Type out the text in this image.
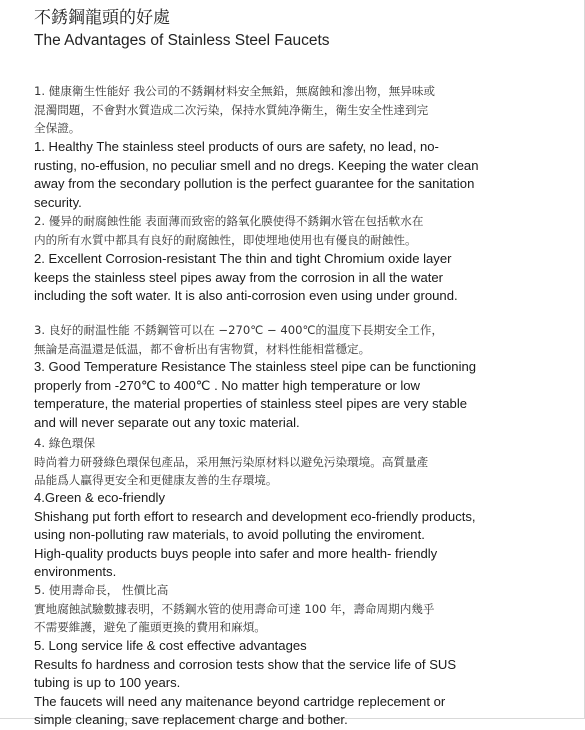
不銹鋼龍頭的好處
The Advantages of Stainless Steel Faucets
1. 健康衛生性能好 我公司的不銹鋼材料安全無鉛，無腐蝕和滲出物，無异味或
混濁問題，不會對水質造成二次污染，保持水質純净衛生，衛生安全性達到完
全保證。
1. Healthy The stainless steel products of ours are safety, no lead, no-
rusting, no-effusion, no peculiar smell and no dregs. Keeping the water clean
away from the secondary pollution is the perfect guarantee for the sanitation
security.
2. 優异的耐腐蝕性能 表面薄而致密的鉻氧化膜使得不銹鋼水管在包括軟水在
内的所有水質中都具有良好的耐腐蝕性，即使埋地使用也有優良的耐蝕性。
2. Excellent Corrosion-resistant The thin and tight Chromium oxide layer
keeps the stainless steel pipes away from the corrosion in all the water
including the soft water. It is also anti-corrosion even using under ground.
3. 良好的耐温性能 不銹鋼管可以在 −270℃ − 400℃的温度下長期安全工作，
無論是高温還是低温，都不會析出有害物質，材料性能相當穩定。
3. Good Temperature Resistance The stainless steel pipe can be functioning
properly from -270℃ to 400℃ . No matter high temperature or low
temperature, the material properties of stainless steel pipes are very stable
and will never separate out any toxic material.
4. 綠色環保
時尚着力研發綠色環保包產品，采用無污染原材料以避免污染環境。高質量產
品能爲人贏得更安全和更健康友善的生存環境。
4.Green & eco-friendly
Shishang put forth effort to research and development eco-friendly products,
using non-polluting raw materials, to avoid polluting the enviroment.
High-quality products buys people into safer and more health- friendly
environments.
5. 使用壽命長， 性價比高
實地腐蝕試驗數據表明，不銹鋼水管的使用壽命可達 100 年，壽命周期内幾乎
不需要維護，避免了龍頭更換的費用和麻煩。
5. Long service life & cost effective advantages
Results fo hardness and corrosion tests show that the service life of SUS
tubing is up to 100 years.
The faucets will need any maitenance beyond cartridge replecement or
simple cleaning, save replacement charge and bother.
